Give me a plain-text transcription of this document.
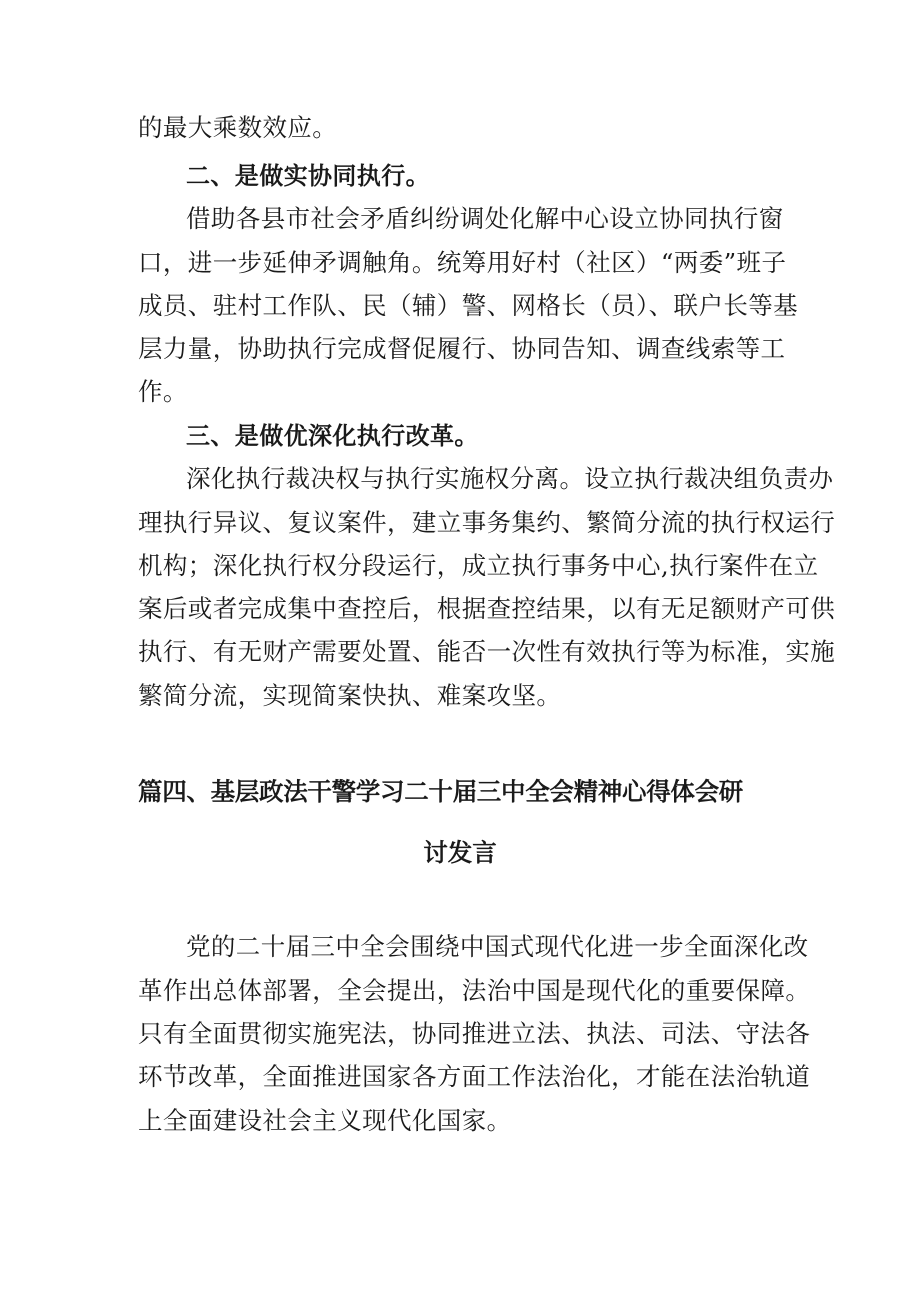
的最大乘数效应。
二、是做实协同执行。
借助各县市社会矛盾纠纷调处化解中心设立协同执行窗
口，进一步延伸矛调触角。统筹用好村（社区）“两委”班子
成员、驻村工作队、民（辅）警、网格长（员）、联户长等基
层力量，协助执行完成督促履行、协同告知、调查线索等工
作。
三、是做优深化执行改革。
深化执行裁决权与执行实施权分离。设立执行裁决组负责办
理执行异议、复议案件，建立事务集约、繁简分流的执行权运行
机构；深化执行权分段运行，成立执行事务中心,执行案件在立
案后或者完成集中查控后，根据查控结果，以有无足额财产可供
执行、有无财产需要处置、能否一次性有效执行等为标准，实施
繁简分流，实现简案快执、难案攻坚。
篇四、基层政法干警学习二十届三中全会精神心得体会研
讨发言
党的二十届三中全会围绕中国式现代化进一步全面深化改
革作出总体部署，全会提出，法治中国是现代化的重要保障。
只有全面贯彻实施宪法，协同推进立法、执法、司法、守法各
环节改革，全面推进国家各方面工作法治化，才能在法治轨道
上全面建设社会主义现代化国家。
